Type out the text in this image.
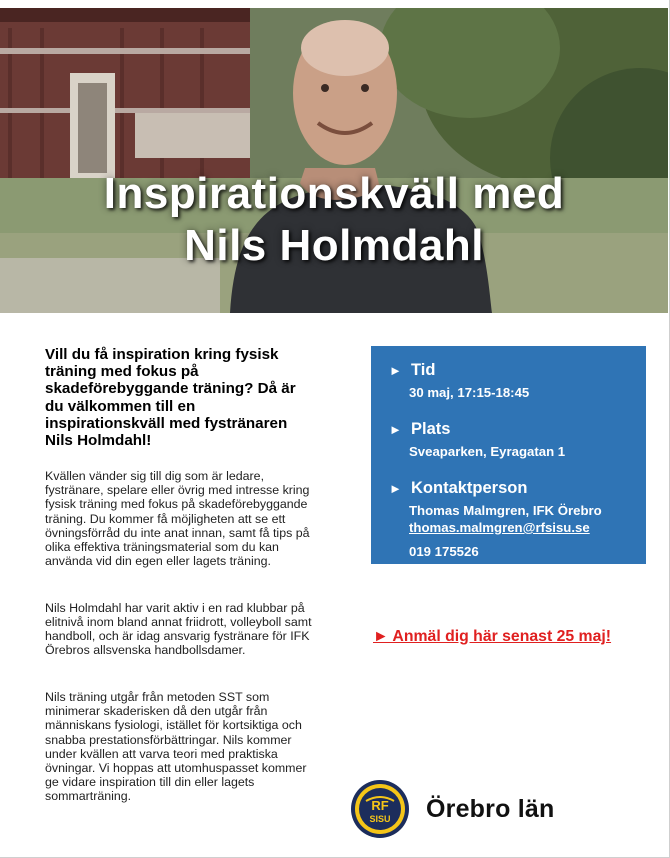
Inspirationskväll med
Nils Holmdahl

Vill du få inspiration kring fysisk träning med fokus på skadeförebyggande träning? Då är du välkommen till en inspirationskväll med fystränaren Nils Holmdahl!

Kvällen vänder sig till dig som är ledare, fystränare, spelare eller övrig med intresse kring fysisk träning med fokus på skadeförebyggande träning. Du kommer få möjligheten att se ett övningsförråd du inte anat innan, samt få tips på olika effektiva träningsmaterial som du kan använda vid din egen eller lagets träning.

Nils Holmdahl har varit aktiv i en rad klubbar på elitnivå inom bland annat friidrott, volleyboll samt handboll, och är idag ansvarig fystränare för IFK Örebros allsvenska handbollsdamer.

Nils träning utgår från metoden SST som minimerar skaderisken då den utgår från människans fysiologi, istället för kortsiktiga och snabba prestationsförbättringar. Nils kommer under kvällen att varva teori med praktiska övningar. Vi hoppas att utomhuspasset kommer ge vidare inspiration till din eller lagets sommarträning.

► Tid
30 maj, 17:15-18:45
► Plats
Sveaparken, Eyragatan 1
► Kontaktperson
Thomas Malmgren, IFK Örebro
thomas.malmgren@rfsisu.se
019 175526
► Anmäl dig här senast 25 maj!
RF
SISU Örebro län
